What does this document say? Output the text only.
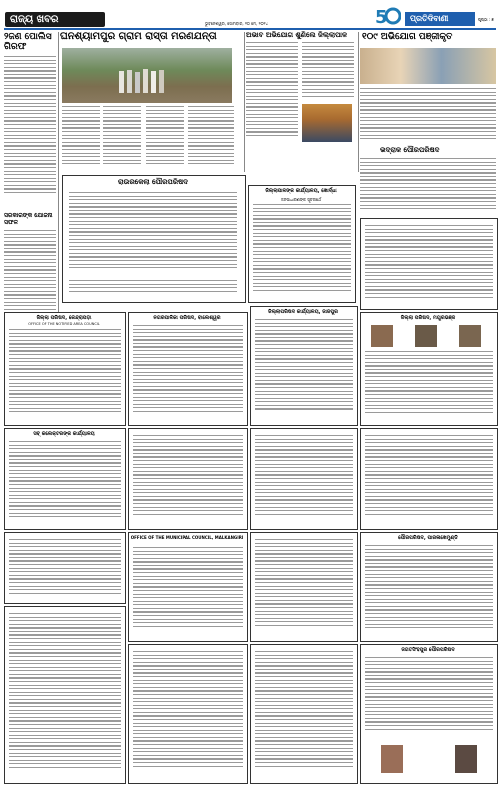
ରାଜ୍ୟ ଖବର	ଭୁବନେଶ୍ୱର, ସୋମବାର, ୨୦ ମେ, ୨୦୨୪	5	ପ୍ରତିଦିବାଣୀ	ପୃଷ୍ଠା : ୭
୨ଜଣ ପୋଲିସ ଗିରଫ
ସରକାରଙ୍କ ଯୋଜନା ସଫଳ
ଘନଶ୍ୟାମପୁର ଗ୍ରାମ ରାସ୍ତା ମରଣଯନ୍ତା	ଅଭାବ ଅଭିଯୋଗ ଶୁଣିଲେ ଜିଲ୍ଲାପାଳ	୧୦୯ ଅଭିଯୋଗ ପଞ୍ଜୀକୃତ
ଭଦ୍ରାକ ପୌରପରିଷଦ
ରାଉରକେଲା ପୌରପରିଷଦ
ଜିଲ୍ଲାପାଳଙ୍କ କାର୍ଯ୍ୟାଳୟ, ଖୋର୍ଦ୍ଧା
ଜନସାଧାରଣଙ୍କ ସୂଚନାର୍ଥେ
ଜିଲ୍ଲା ପରିଷଦ, କେନ୍ଦ୍ରାପଡ଼ା
OFFICE OF THE NOTIFIED AREA COUNCIL
ନଗରପାଳିକା ପରିଷଦ, ବାଲେଶ୍ୱର
ଜିଲ୍ଲାପରିଷଦ କାର୍ଯ୍ୟାଳୟ, ଜାଜପୁର
ଜିଲ୍ଲା ପରିଷଦ, ମୟୂରଭଞ୍ଜ
ସବ୍ କଲେକ୍ଟରଙ୍କ କାର୍ଯ୍ୟାଳୟ
OFFICE OF THE MUNICIPAL COUNCIL, MALKANGIRI	ପୌରପରିଷଦ, ପାରଳାଖେମୁଣ୍ଡି
ଜଗତସିଂହପୁର ପୌରପରିଷଦ
